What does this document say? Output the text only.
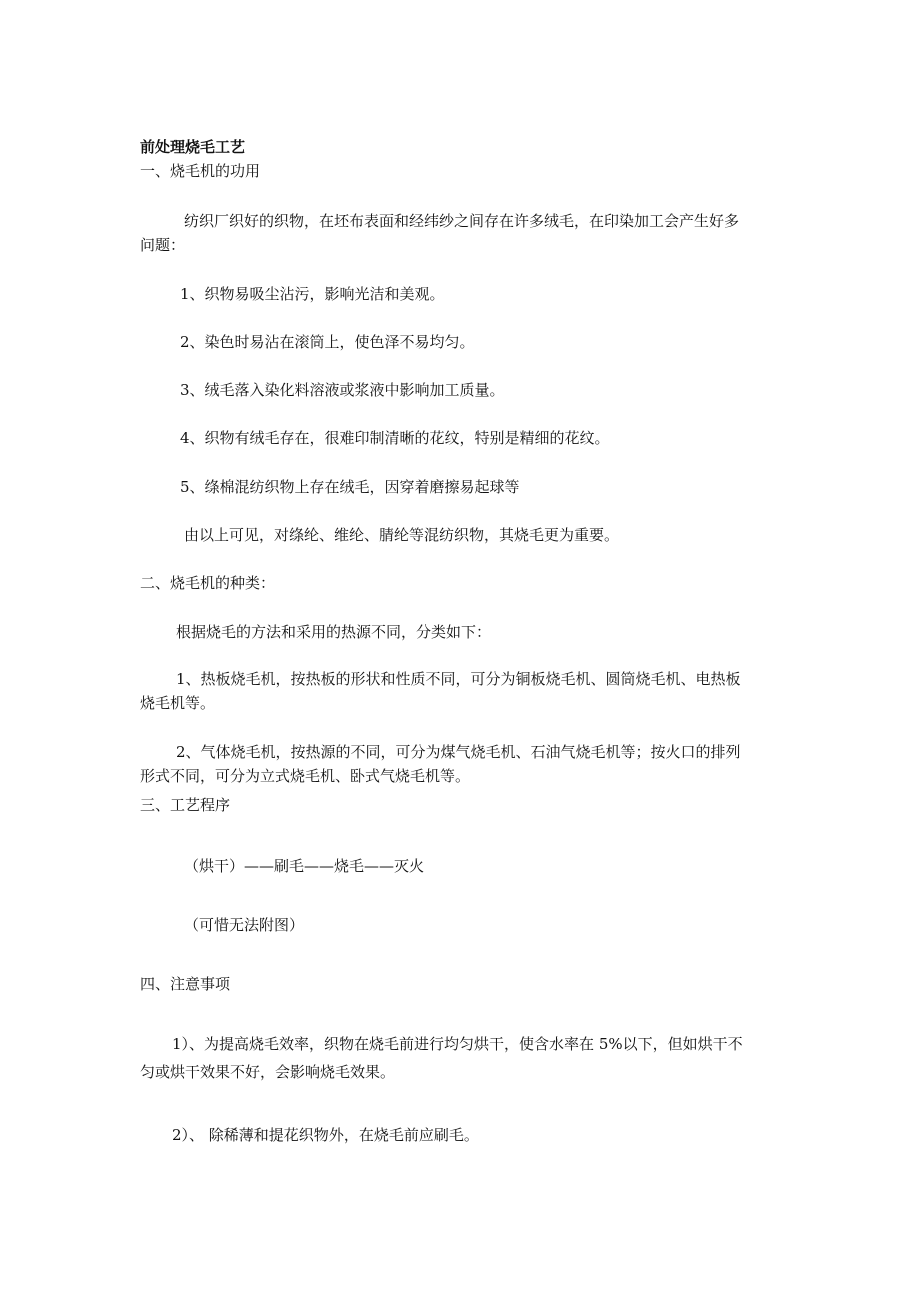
前处理烧毛工艺
一、烧毛机的功用
纺织厂织好的织物，在坯布表面和经纬纱之间存在许多绒毛，在印染加工会产生好多
问题：
1、织物易吸尘沾污，影响光洁和美观。
2、染色时易沾在滚筒上，使色泽不易均匀。
3、绒毛落入染化料溶液或浆液中影响加工质量。
4、织物有绒毛存在，很难印制清晰的花纹，特别是精细的花纹。
5、绦棉混纺织物上存在绒毛，因穿着磨擦易起球等
由以上可见，对绦纶、维纶、腈纶等混纺织物，其烧毛更为重要。
二、烧毛机的种类：
根据烧毛的方法和采用的热源不同，分类如下：
1、热板烧毛机，按热板的形状和性质不同，可分为铜板烧毛机、圆筒烧毛机、电热板
烧毛机等。
2、气体烧毛机，按热源的不同，可分为煤气烧毛机、石油气烧毛机等；按火口的排列
形式不同，可分为立式烧毛机、卧式气烧毛机等。
三、工艺程序
（烘干）——刷毛——烧毛——灭火
（可惜无法附图）
四、注意事项
1）、为提高烧毛效率，织物在烧毛前进行均匀烘干，使含水率在 5%以下，但如烘干不
匀或烘干效果不好，会影响烧毛效果。
2）、 除稀薄和提花织物外，在烧毛前应刷毛。
